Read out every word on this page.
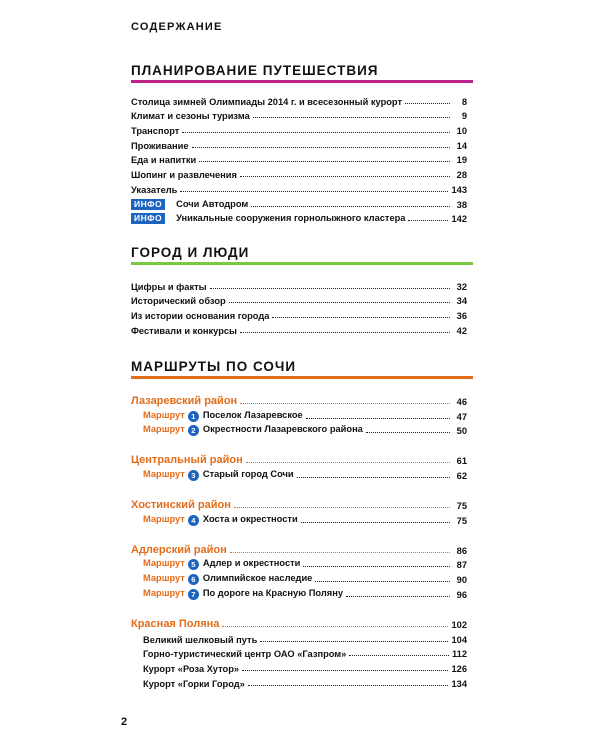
СОДЕРЖАНИЕ
ПЛАНИРОВАНИЕ ПУТЕШЕСТВИЯ
Столица зимней Олимпиады 2014 г. и всесезонный курорт	8
Климат и сезоны туризма	9
Транспорт	10
Проживание	14
Еда и напитки	19
Шопинг и развлечения	28
Указатель	143
ИНФО Сочи Автодром	38
ИНФО Уникальные сооружения горнолыжного кластера	142
ГОРОД И ЛЮДИ
Цифры и факты	32
Исторический обзор	34
Из истории основания города	36
Фестивали и конкурсы	42
МАРШРУТЫ ПО СОЧИ
Лазаревский район	46
Маршрут 1 Поселок Лазаревское	47
Маршрут 2 Окрестности Лазаревского района	50
Центральный район	61
Маршрут 3 Старый город Сочи	62
Хостинский район	75
Маршрут 4 Хоста и окрестности	75
Адлерский район	86
Маршрут 5 Адлер и окрестности	87
Маршрут 6 Олимпийское наследие	90
Маршрут 7 По дороге на Красную Поляну	96
Красная Поляна	102
Великий шелковый путь	104
Горно-туристический центр ОАО «Газпром»	112
Курорт «Роза Хутор»	126
Курорт «Горки Город»	134
2
